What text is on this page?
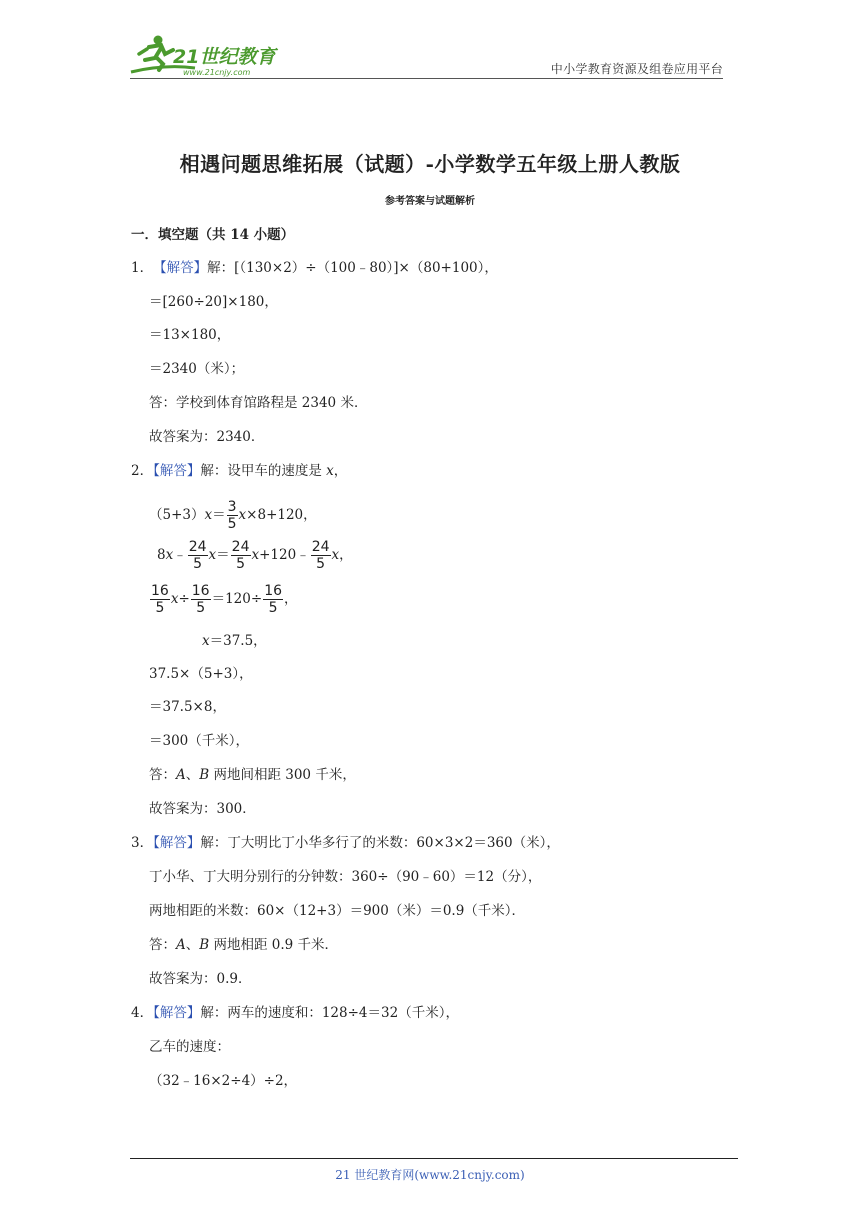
21世纪教育
www.21cnjy.com	中小学教育资源及组卷应用平台
相遇问题思维拓展（试题）-小学数学五年级上册人教版
参考答案与试题解析
一．填空题（共 14 小题）
1．【解答】解：[（130×2）÷（100﹣80）]×（80+100），
＝[260÷20]×180，
＝13×180，
＝2340（米）；
答：学校到体育馆路程是 2340 米．
故答案为：2340．
2．【解答】解：设甲车的速度是 x，
$(5+3)x= \frac{3}{5} x\times 8+120$，
8x﹣ $\frac{24}{5} x= \frac{24}{5}$ x+120﹣ $\frac{24}{5}$ x，
$\frac{16}{5} x\div \frac{16}{5} =120\div \frac{16}{5}$ ，
x＝37.5，
37.5×（5+3），
＝37.5×8，
＝300（千米），
答：A、B 两地间相距 300 千米，
故答案为：300．
3．【解答】解：丁大明比丁小华多行了的米数：60×3×2＝360（米），
丁小华、丁大明分别行的分钟数：360÷（90﹣60）＝12（分），
两地相距的米数：60×（12+3）＝900（米）＝0.9（千米）．
答：A、B 两地相距 0.9 千米．
故答案为：0.9．
4．【解答】解：两车的速度和：128÷4＝32（千米），
乙车的速度：
（32﹣16×2÷4）÷2，
21 世纪教育网(www.21cnjy.com)
